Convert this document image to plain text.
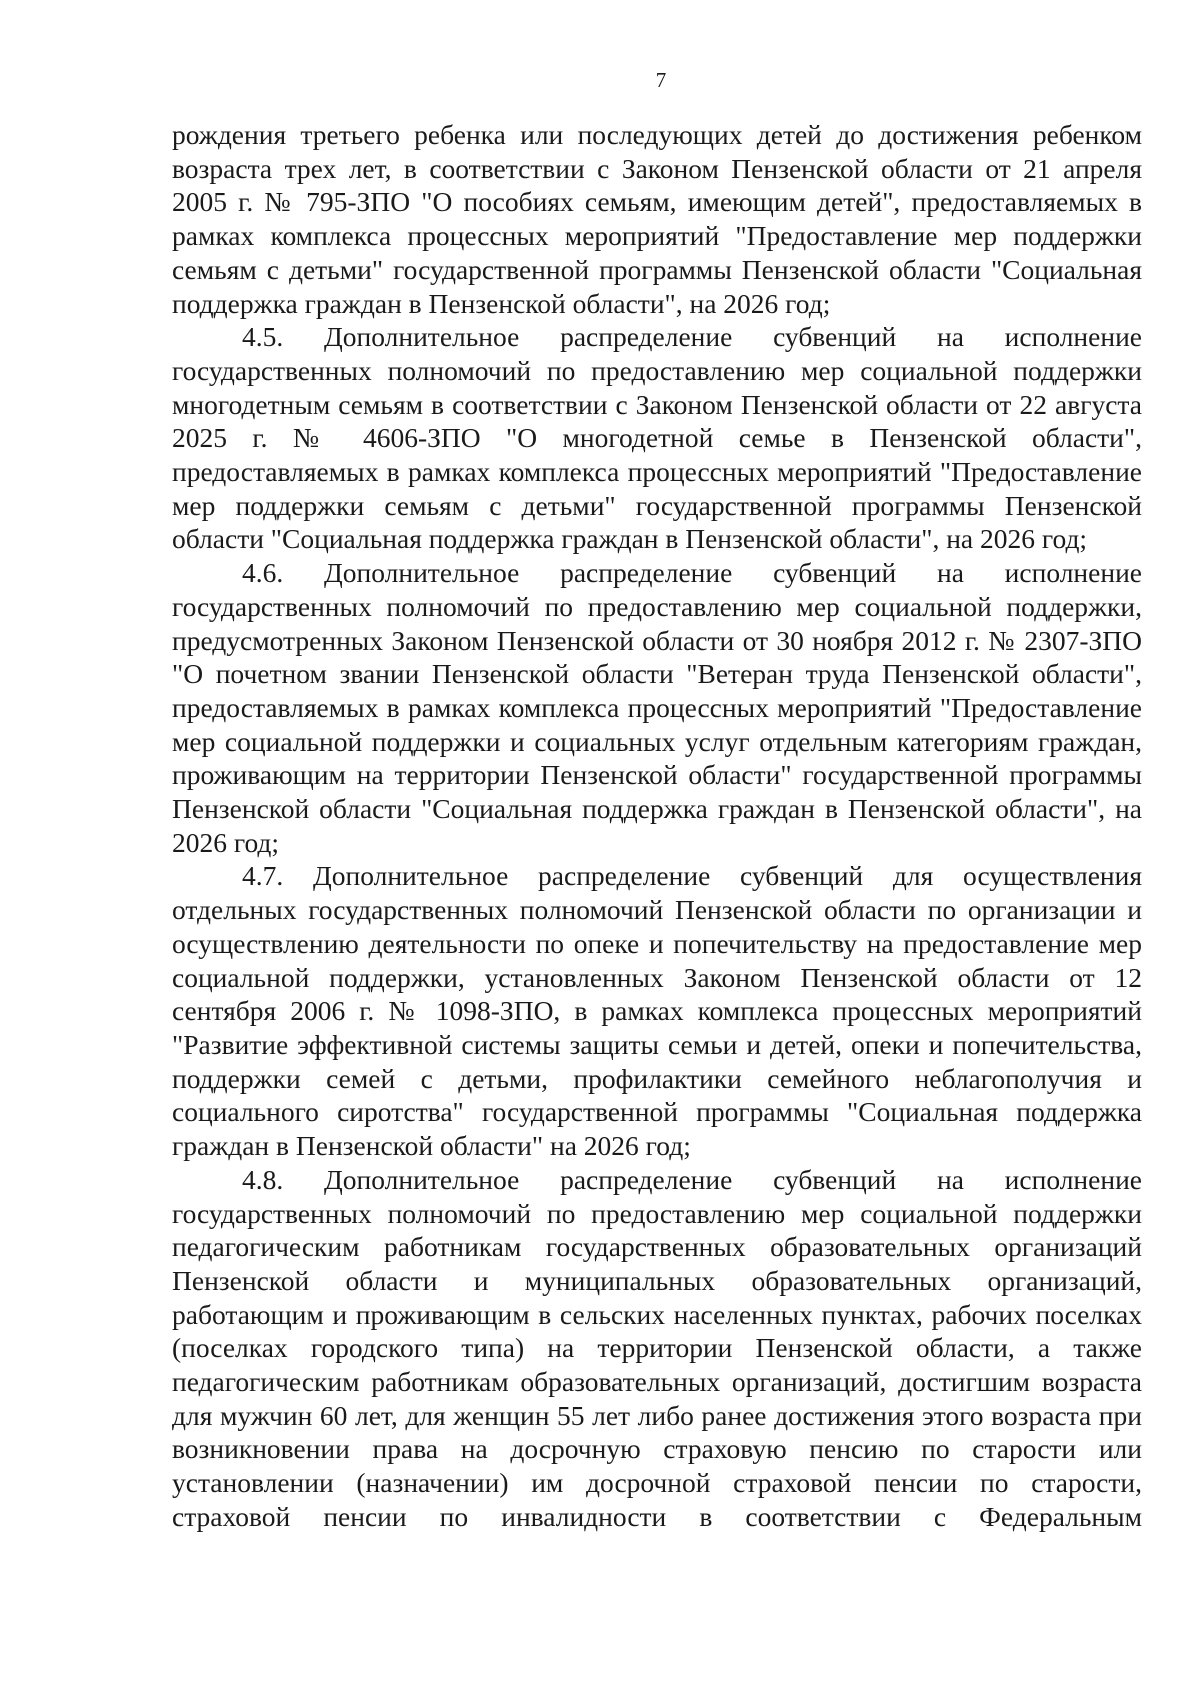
7

рождения третьего ребенка или последующих детей до достижения ребенком возраста трех лет, в соответствии с Законом Пензенской области от 21 апреля 2005 г. № 795-ЗПО "О пособиях семьям, имеющим детей", предоставляемых в рамках комплекса процессных мероприятий "Предоставление мер поддержки семьям с детьми" государственной программы Пензенской области "Социальная поддержка граждан в Пензенской области", на 2026 год;

4.5. Дополнительное распределение субвенций на исполнение государственных полномочий по предоставлению мер социальной поддержки многодетным семьям в соответствии с Законом Пензенской области от 22 августа 2025 г. № 4606-ЗПО "О многодетной семье в Пензенской области", предоставляемых в рамках комплекса процессных мероприятий "Предоставление мер поддержки семьям с детьми" государственной программы Пензенской области "Социальная поддержка граждан в Пензенской области", на 2026 год;

4.6. Дополнительное распределение субвенций на исполнение государственных полномочий по предоставлению мер социальной поддержки, предусмотренных Законом Пензенской области от 30 ноября 2012 г. № 2307-ЗПО "О почетном звании Пензенской области "Ветеран труда Пензенской области", предоставляемых в рамках комплекса процессных мероприятий "Предоставление мер социальной поддержки и социальных услуг отдельным категориям граждан, проживающим на территории Пензенской области" государственной программы Пензенской области "Социальная поддержка граждан в Пензенской области", на 2026 год;

4.7. Дополнительное распределение субвенций для осуществления отдельных государственных полномочий Пензенской области по организации и осуществлению деятельности по опеке и попечительству на предоставление мер социальной поддержки, установленных Законом Пензенской области от 12 сентября 2006 г. № 1098-ЗПО, в рамках комплекса процессных мероприятий "Развитие эффективной системы защиты семьи и детей, опеки и попечительства, поддержки семей с детьми, профилактики семейного неблагополучия и социального сиротства" государственной программы "Социальная поддержка граждан в Пензенской области" на 2026 год;

4.8. Дополнительное распределение субвенций на исполнение государственных полномочий по предоставлению мер социальной поддержки педагогическим работникам государственных образовательных организаций Пензенской области и муниципальных образовательных организаций, работающим и проживающим в сельских населенных пунктах, рабочих поселках (поселках городского типа) на территории Пензенской области, а также педагогическим работникам образовательных организаций, достигшим возраста для мужчин 60 лет, для женщин 55 лет либо ранее достижения этого возраста при возникновении права на досрочную страховую пенсию по старости или установлении (назначении) им досрочной страховой пенсии по старости, страховой пенсии по инвалидности в соответствии с Федеральным
